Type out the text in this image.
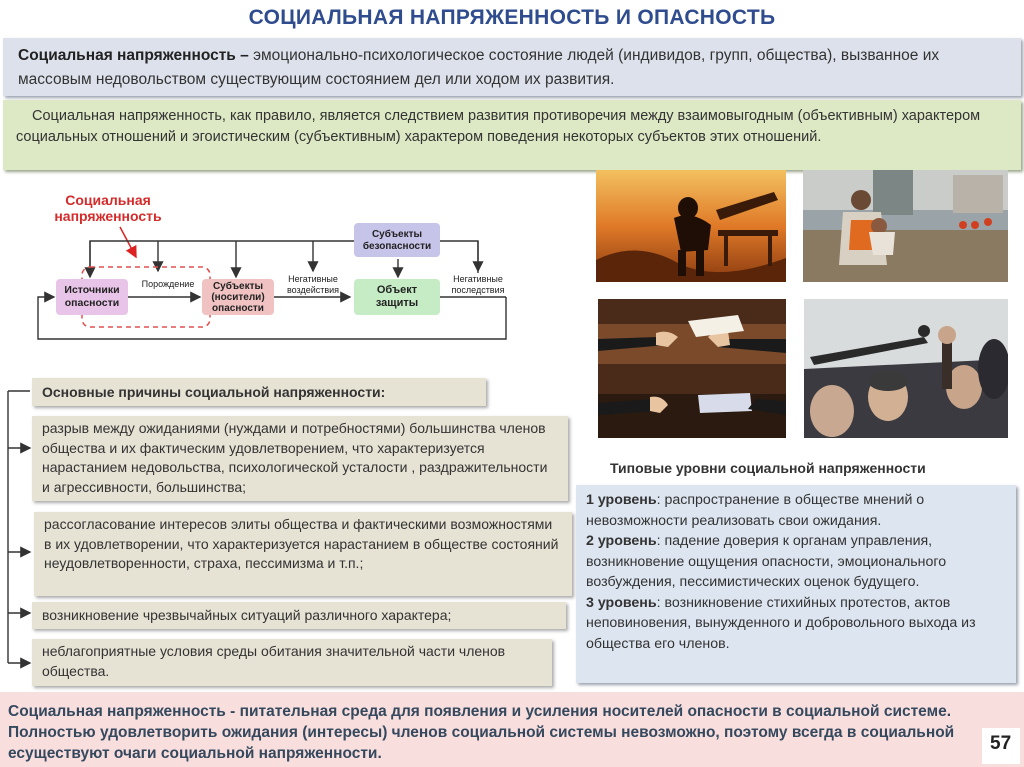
СОЦИАЛЬНАЯ НАПРЯЖЕННОСТЬ И ОПАСНОСТЬ
Социальная напряженность – эмоционально-психологическое состояние людей (индивидов, групп, общества), вызванное их массовым недовольством существующим состоянием дел или ходом их развития.
Социальная напряженность, как правило, является следствием развития противоречия между взаимовыгодным (объективным) характером социальных отношений и эгоистическим (субъективным) характером поведения некоторых субъектов этих отношений.
Социальная
напряженность
Источники
опасности
Порождение Субъекты
(носители)
опасности
Негативные
воздействия
Субъекты
безопасности
Объект
защиты
Негативные
последствия
Основные причины социальной напряженности:
разрыв между ожиданиями (нуждами и потребностями) большинства членов общества и их фактическим удовлетворением, что характеризуется нарастанием недовольства, психологической усталости , раздражительности и агрессивности, большинства;
рассогласование интересов элиты общества и фактическими возможностями в их удовлетворении, что характеризуется нарастанием в обществе состояний неудовлетворенности, страха, пессимизма и т.п.;
возникновение чрезвычайных ситуаций различного характера;
неблагоприятные условия среды обитания значительной части членов общества.
Типовые уровни социальной напряженности
1 уровень: распространение в обществе мнений о невозможности реализовать свои ожидания.
2 уровень: падение доверия к органам управления, возникновение ощущения опасности, эмоционального возбуждения, пессимистических оценок будущего.
3 уровень: возникновение стихийных протестов, актов неповиновения, вынужденного и добровольного выхода из общества его членов.
Социальная напряженность - питательная среда для появления и усиления носителей опасности в социальной системе. Полностью удовлетворить ожидания (интересы) членов социальной системы невозможно, поэтому всегда в социальной есуществуют очаги социальной напряженности.	57
